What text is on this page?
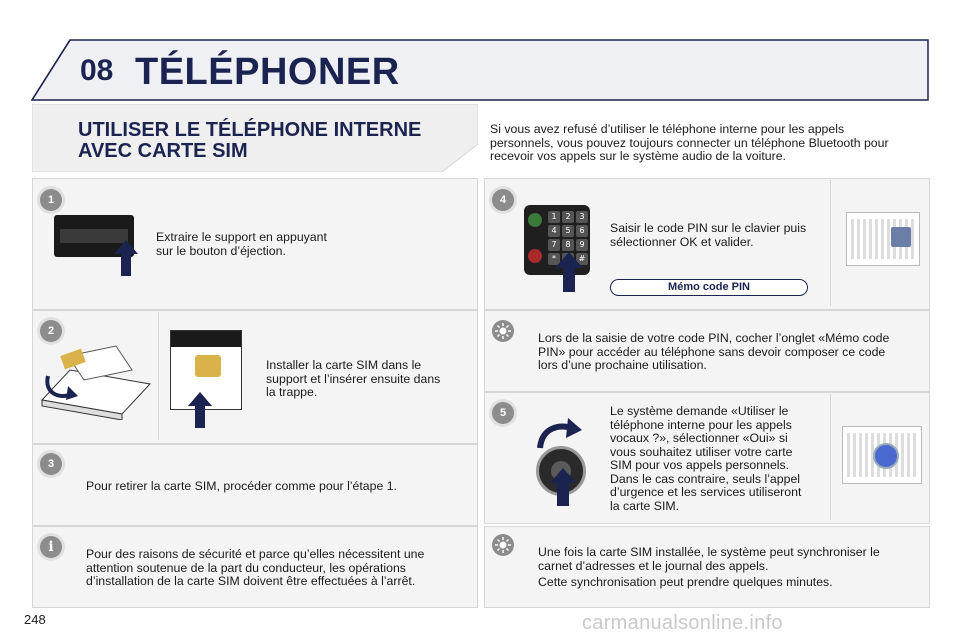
08 TÉLÉPHONER
UTILISER LE TÉLÉPHONE INTERNE
AVEC CARTE SIM
Si vous avez refusé d’utiliser le téléphone interne pour les appels
personnels, vous pouvez toujours connecter un téléphone Bluetooth pour
recevoir vos appels sur le système audio de la voiture.
1
Extraire le support en appuyant
sur le bouton d’éjection.
2
Installer la carte SIM dans le
support et l’insérer ensuite dans
la trappe.
3
Pour retirer la carte SIM, procéder comme pour l’étape 1.
i	Pour des raisons de sécurité et parce qu’elles nécessitent une
attention soutenue de la part du conducteur, les opérations
d’installation de la carte SIM doivent être effectuées à l’arrêt.
4
1	2	3
4	5	6
7	8	9
*	#
Saisir le code PIN sur le clavier puis
sélectionner OK et valider.
Mémo code PIN
Lors de la saisie de votre code PIN, cocher l’onglet «Mémo code
PIN» pour accéder au téléphone sans devoir composer ce code
lors d’une prochaine utilisation.
5	Le système demande «Utiliser le
téléphone interne pour les appels
vocaux ?», sélectionner «Oui» si
vous souhaitez utiliser votre carte
SIM pour vos appels personnels.
Dans le cas contraire, seuls l’appel
d’urgence et les services utiliseront
la carte SIM.
Une fois la carte SIM installée, le système peut synchroniser le
carnet d’adresses et le journal des appels.
Cette synchronisation peut prendre quelques minutes.
248	carmanualsonline.info
